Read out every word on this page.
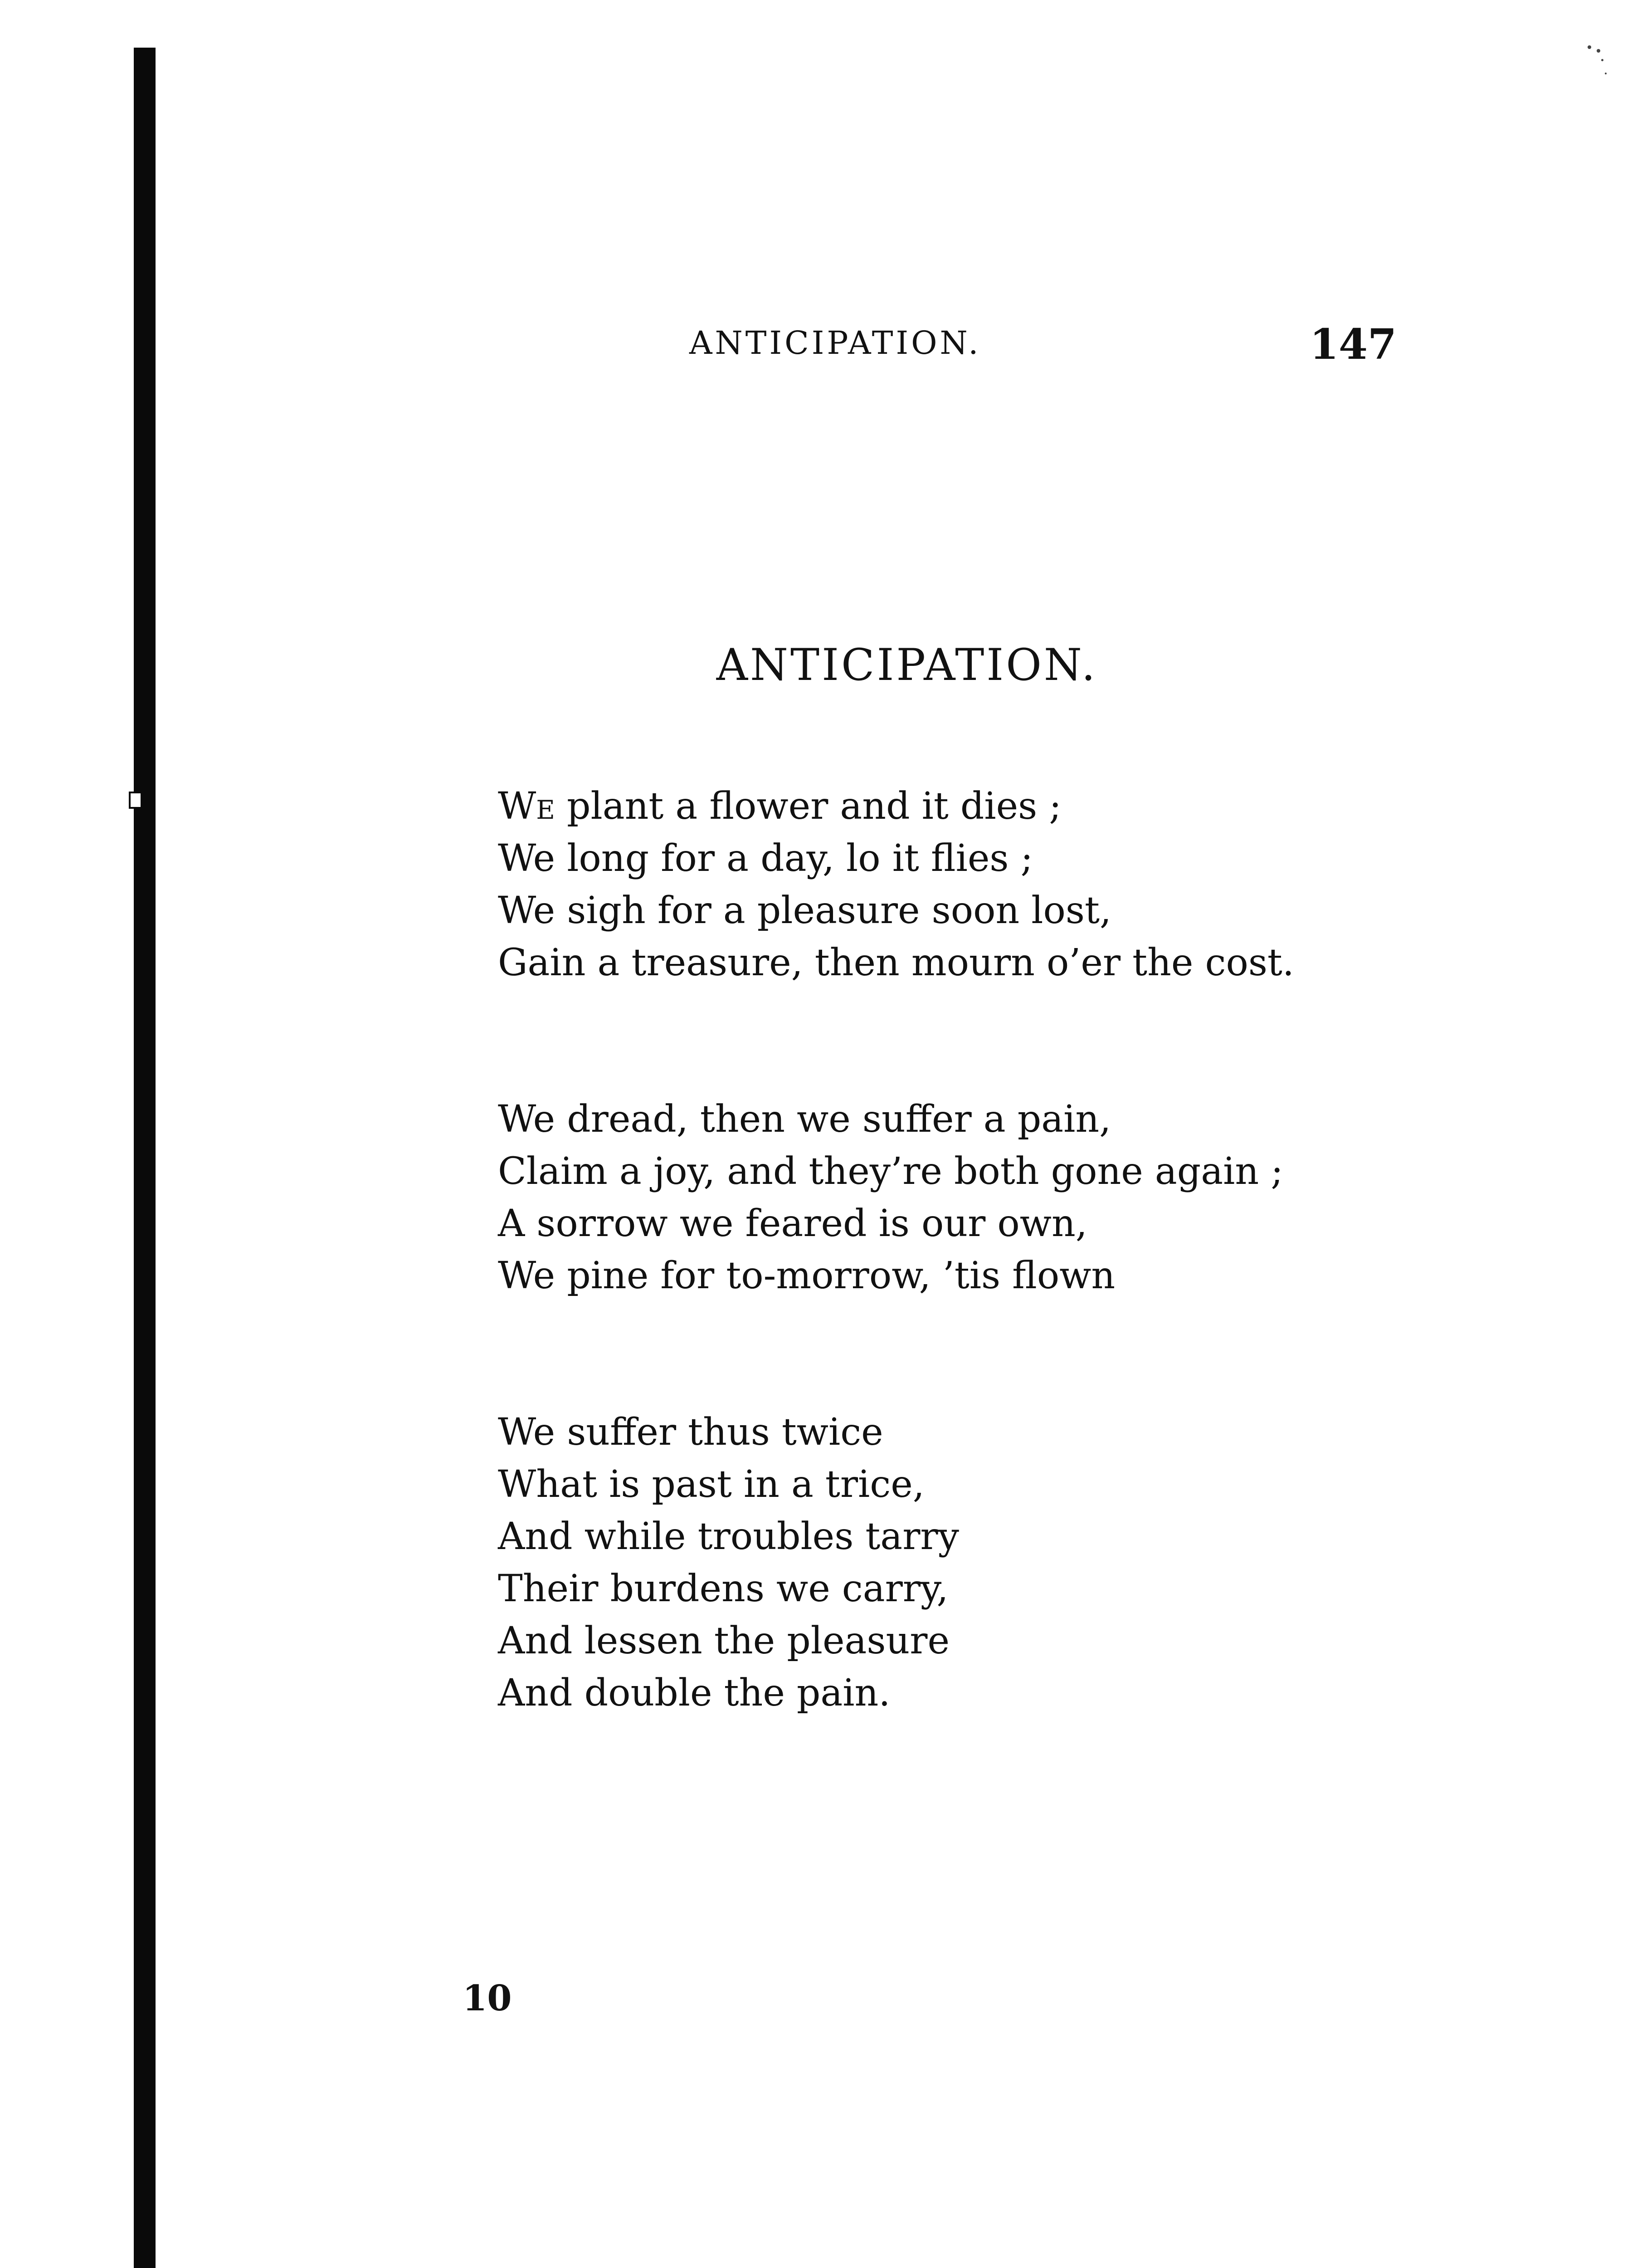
ANTICIPATION.	147
ANTICIPATION.
We plant a flower and it dies ;
We long for a day, lo it flies ;
We sigh for a pleasure soon lost,
Gain a treasure, then mourn o’er the cost.
We dread, then we suffer a pain,
Claim a joy, and they’re both gone again ;
A sorrow we feared is our own,
We pine for to-morrow, ’tis flown
We suffer thus twice
What is past in a trice,
And while troubles tarry
Their burdens we carry,
And lessen the pleasure
And double the pain.
10
